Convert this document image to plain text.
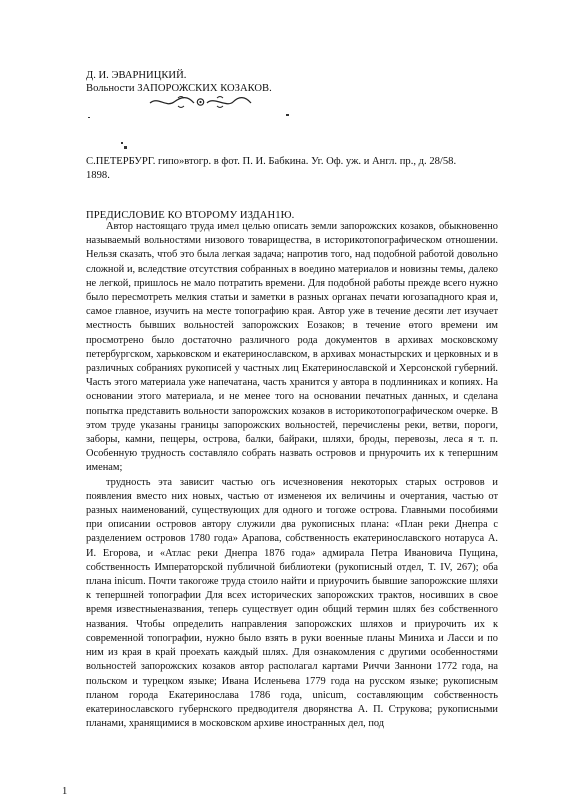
Д. И. ЭВАРНИЦКИЙ.
Вольности ЗАПОРОЖСКИХ КОЗАКОВ.
С.ПЕТЕРБУРГ. гипо»втогр. в фот. П. И. Бабкина. Уг. Оф. уж. и Англ. пр., д. 28/58.
1898.
ПРЕДИСЛОВИЕ КО ВТОРОМУ ИЗДАН1Ю.

Автор настоящаго труда имел целью описать земли запорожских козаков, обыкновенно называемый вольностями низового товарищества, в историкотопографическом отношении. Нельзя сказать, чтоб это была легкая задача; напротив того, над подобной работой довольно сложной и, вследствие отсутствия собранных в воедино материалов и новизны темы, далеко не легкой, пришлось не мало потратить времени. Для подобной работы прежде всего нужно было пересмотреть мелкия статьи и заметки в разных органах печати югозападного края и, самое главное, изучить на месте топографию края. Автор уже в течение десяти лет изучает местность бывших вольностей запорожских Eозаков; в течение өтого времени им просмотрено было достаточно различного рода документов в архивах московскому петербургском, харьковском и екатеринославском, в архивах монастырских и церковных и в различных собраниях рукописей у частных лиц Екатеринославской и Херсонской губерний. Часть этого материала уже напечатана, часть хранится у автора в подлинниках и копиях. На основании этого материала, и не менее того на основании печатных данных, и сделана попытка представить вольности запорожских козаков в историкотопографическом очерке. В этом труде указаны границы запорожских вольностей, перечислены реки, ветви, пороги, заборы, камни, пещеры, острова, балки, байраки, шляхи, броды, перевозы, леса я т. п. Особенную трудность составляло собрать назвать островов и прнурочить их к тепершним именам;

трудность эта зависит частью огь исчезновения некоторых старых островов и появления вместо них новых, частью от изменеюя их величины и очертания, частью от разных наименований, существующих для одного и тогоже острова. Главными пособиями при описании островов автору служили два рукописных плана: «План реки Днепра с разделением островов 1780 года» Арапова, собственность екатеринославского нотаруса А. И. Егорова, и «Атлас реки Днепра 1876 года» адмирала Петра Ивановича Пущина, собственность Императорской публичной библиотеки (рукописный отдел, Т. IV, 267); оба плана inicum. Почти такогоже труда стоило найти и приурочить бывшие запорожские шляхи к тепершней топографии Для всех исторических запорожских трактов, носивших в свое время известныеназвания, теперь существует один общий термин шлях без собственного названия. Чтобы определить направления запорожских шляхов и приурочить их к современной топографии, нужно было взять в руки военные планы Миниха и Ласси и по ним из края в край проехать каждый шлях. Для ознакомления с другими особенностями вольностей запорожских козаков автор располагал картами Риччи Заннони 1772 года, на польском и турецком языке; Ивана Исленьева 1779 года на русском языке; рукописным планом города Екатеринослава 1786 года, unicum, составляющим собственность екатеринославского губернского предводителя дворянства А. П. Струкова; рукописными планами, хранящимися в московском архиве иностранных дел, под

1
